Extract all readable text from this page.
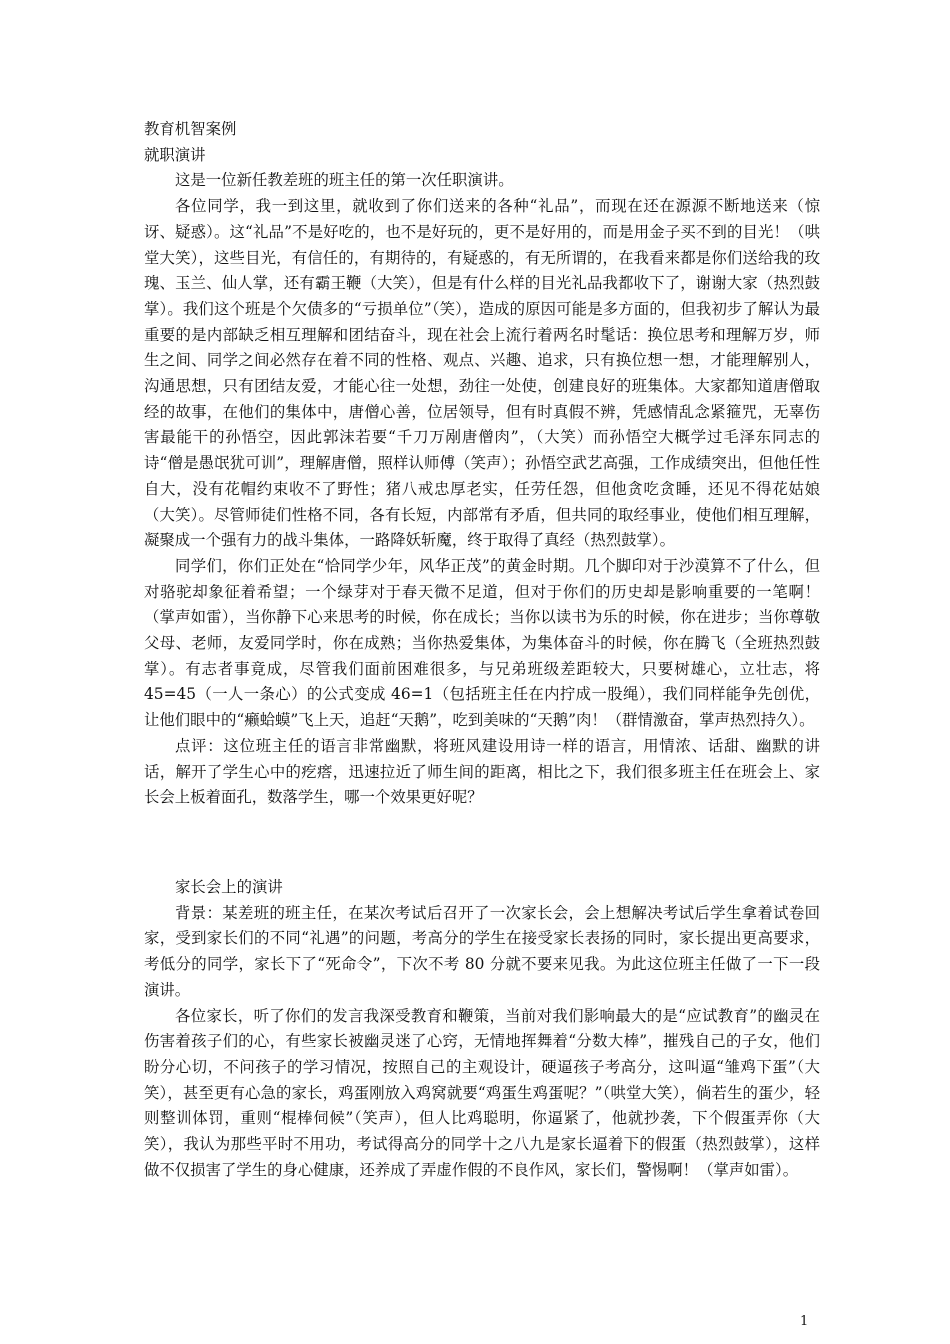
教育机智案例

就职演讲

这是一位新任教差班的班主任的第一次任职演讲。

各位同学，我一到这里，就收到了你们送来的各种“礼品”，而现在还在源源不断地送来（惊讶、疑惑）。这“礼品”不是好吃的，也不是好玩的，更不是好用的，而是用金子买不到的目光！（哄堂大笑），这些目光，有信任的，有期待的，有疑惑的，有无所谓的，在我看来都是你们送给我的玫瑰、玉兰、仙人掌，还有霸王鞭（大笑），但是有什么样的目光礼品我都收下了，谢谢大家（热烈鼓掌）。我们这个班是个欠债多的“亏损单位”（笑），造成的原因可能是多方面的，但我初步了解认为最重要的是内部缺乏相互理解和团结奋斗，现在社会上流行着两名时髦话：换位思考和理解万岁，师生之间、同学之间必然存在着不同的性格、观点、兴趣、追求，只有换位想一想，才能理解别人，沟通思想，只有团结友爱，才能心往一处想，劲往一处使，创建良好的班集体。大家都知道唐僧取经的故事，在他们的集体中，唐僧心善，位居领导，但有时真假不辨，凭感情乱念紧箍咒，无辜伤害最能干的孙悟空，因此郭沫若要“千刀万剐唐僧肉”，（大笑）而孙悟空大概学过毛泽东同志的诗“僧是愚氓犹可训”，理解唐僧，照样认师傅（笑声）；孙悟空武艺高强，工作成绩突出，但他任性自大，没有花帽约束收不了野性；猪八戒忠厚老实，任劳任怨，但他贪吃贪睡，还见不得花姑娘（大笑）。尽管师徒们性格不同，各有长短，内部常有矛盾，但共同的取经事业，使他们相互理解，凝聚成一个强有力的战斗集体，一路降妖斩魔，终于取得了真经（热烈鼓掌）。

同学们，你们正处在“恰同学少年，风华正茂”的黄金时期。几个脚印对于沙漠算不了什么，但对骆驼却象征着希望；一个绿芽对于春天微不足道，但对于你们的历史却是影响重要的一笔啊！（掌声如雷），当你静下心来思考的时候，你在成长；当你以读书为乐的时候，你在进步；当你尊敬父母、老师，友爱同学时，你在成熟；当你热爱集体，为集体奋斗的时候，你在腾飞（全班热烈鼓掌）。有志者事竟成，尽管我们面前困难很多，与兄弟班级差距较大，只要树雄心，立壮志，将 45=45（一人一条心）的公式变成 46=1（包括班主任在内拧成一股绳），我们同样能争先创优，让他们眼中的“癞蛤蟆”飞上天，追赶“天鹅”，吃到美味的“天鹅”肉！（群情激奋，掌声热烈持久）。

点评：这位班主任的语言非常幽默，将班风建设用诗一样的语言，用情浓、话甜、幽默的讲话，解开了学生心中的疙瘩，迅速拉近了师生间的距离，相比之下，我们很多班主任在班会上、家长会上板着面孔，数落学生，哪一个效果更好呢？

家长会上的演讲

背景：某差班的班主任，在某次考试后召开了一次家长会，会上想解决考试后学生拿着试卷回家，受到家长们的不同“礼遇”的问题，考高分的学生在接受家长表扬的同时，家长提出更高要求，考低分的同学，家长下了“死命令”，下次不考 80 分就不要来见我。为此这位班主任做了一下一段演讲。

各位家长，听了你们的发言我深受教育和鞭策，当前对我们影响最大的是“应试教育”的幽灵在伤害着孩子们的心，有些家长被幽灵迷了心窍，无情地挥舞着“分数大棒”，摧残自己的子女，他们盼分心切，不问孩子的学习情况，按照自己的主观设计，硬逼孩子考高分，这叫逼“雏鸡下蛋”（大笑），甚至更有心急的家长，鸡蛋刚放入鸡窝就要“鸡蛋生鸡蛋呢？”（哄堂大笑），倘若生的蛋少，轻则整训体罚，重则“棍棒伺候”（笑声），但人比鸡聪明，你逼紧了，他就抄袭，下个假蛋弄你（大笑），我认为那些平时不用功，考试得高分的同学十之八九是家长逼着下的假蛋（热烈鼓掌），这样做不仅损害了学生的身心健康，还养成了弄虚作假的不良作风，家长们，警惕啊！（掌声如雷）。

1
